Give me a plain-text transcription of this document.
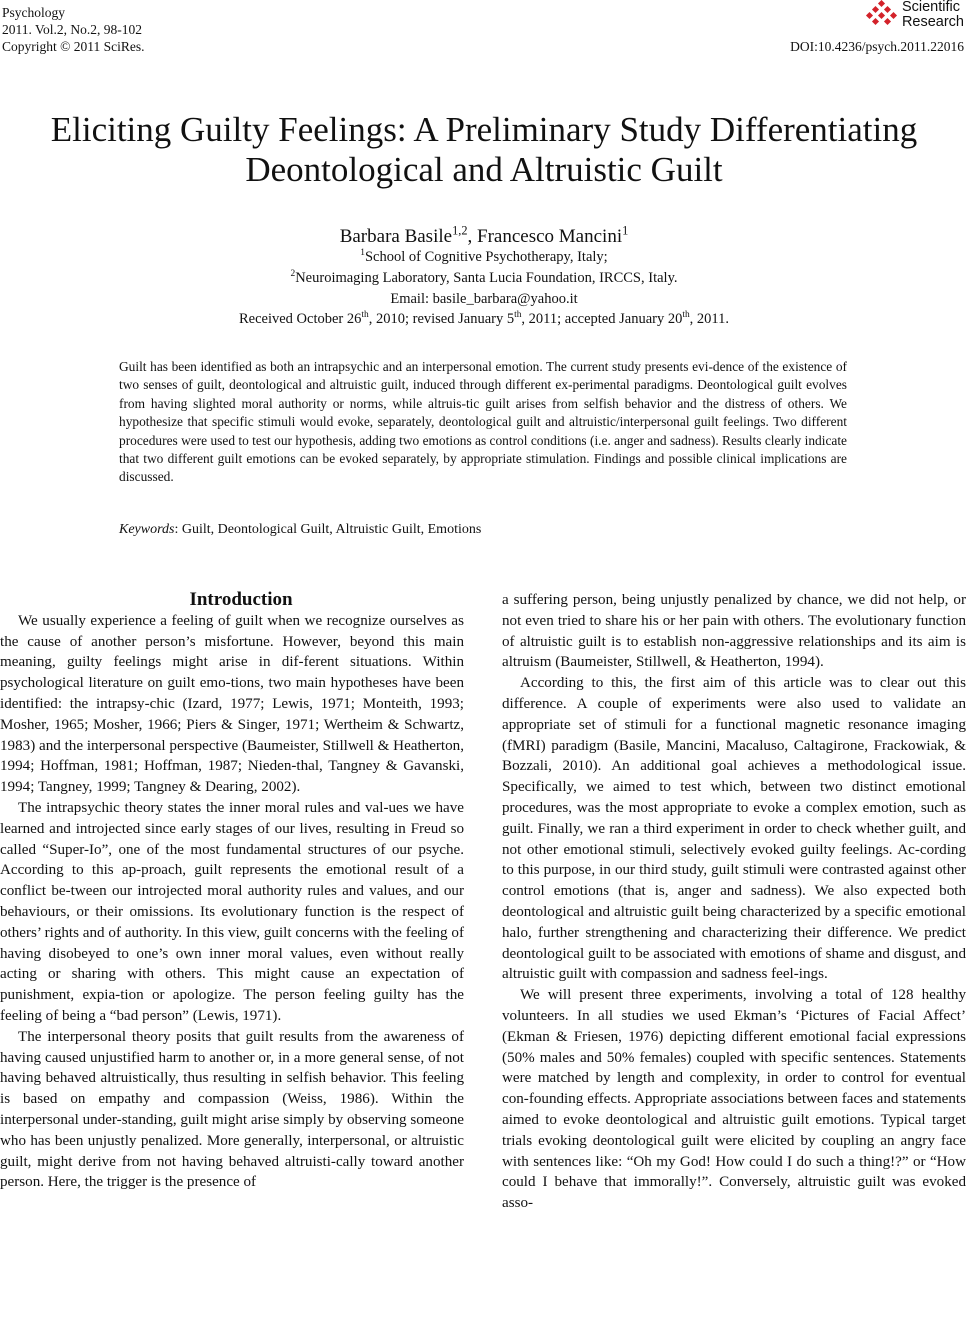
Psychology
2011. Vol.2, No.2, 98-102
Copyright © 2011 SciRes.
Scientific
Research
DOI:10.4236/psych.2011.22016
Eliciting Guilty Feelings: A Preliminary Study Differentiating
Deontological and Altruistic Guilt
Barbara Basile$^{1,2}$, Francesco Mancini$^1$
$^1$School of Cognitive Psychotherapy, Italy;
$^2$Neuroimaging Laboratory, Santa Lucia Foundation, IRCCS, Italy.
Email: basile_barbara@yahoo.it
Received October 26th, 2010; revised January 5th, 2011; accepted January 20th, 2011.
Guilt has been identified as both an intrapsychic and an interpersonal emotion. The current study presents evi-dence of the existence of two senses of guilt, deontological and altruistic guilt, induced through different ex-perimental paradigms. Deontological guilt evolves from having slighted moral authority or norms, while altruis-tic guilt arises from selfish behavior and the distress of others. We hypothesize that specific stimuli would evoke, separately, deontological guilt and altruistic/interpersonal guilt feelings. Two different procedures were used to test our hypothesis, adding two emotions as control conditions (i.e. anger and sadness). Results clearly indicate that two different guilt emotions can be evoked separately, by appropriate stimulation. Findings and possible clinical implications are discussed.
Keywords: Guilt, Deontological Guilt, Altruistic Guilt, Emotions

Introduction

We usually experience a feeling of guilt when we recognize ourselves as the cause of another person’s misfortune. However, beyond this main meaning, guilty feelings might arise in dif-ferent situations. Within psychological literature on guilt emo-tions, two main hypotheses have been identified: the intrapsy-chic (Izard, 1977; Lewis, 1971; Monteith, 1993; Mosher, 1965; Mosher, 1966; Piers & Singer, 1971; Wertheim & Schwartz, 1983) and the interpersonal perspective (Baumeister, Stillwell & Heatherton, 1994; Hoffman, 1981; Hoffman, 1987; Nieden-thal, Tangney & Gavanski, 1994; Tangney, 1999; Tangney & Dearing, 2002).

The intrapsychic theory states the inner moral rules and val-ues we have learned and introjected since early stages of our lives, resulting in Freud so called “Super-Io”, one of the most fundamental structures of our psyche. According to this ap-proach, guilt represents the emotional result of a conflict be-tween our introjected moral authority rules and values, and our behaviours, or their omissions. Its evolutionary function is the respect of others’ rights and of authority. In this view, guilt concerns with the feeling of having disobeyed to one’s own inner moral values, even without really acting or sharing with others. This might cause an expectation of punishment, expia-tion or apologize. The person feeling guilty has the feeling of being a “bad person” (Lewis, 1971).

The interpersonal theory posits that guilt results from the awareness of having caused unjustified harm to another or, in a more general sense, of not having behaved altruistically, thus resulting in selfish behavior. This feeling is based on empathy and compassion (Weiss, 1986). Within the interpersonal under-standing, guilt might arise simply by observing someone who has been unjustly penalized. More generally, interpersonal, or altruistic guilt, might derive from not having behaved altruisti-cally toward another person. Here, the trigger is the presence of

a suffering person, being unjustly penalized by chance, we did not help, or not even tried to share his or her pain with others. The evolutionary function of altruistic guilt is to establish non-aggressive relationships and its aim is altruism (Baumeister, Stillwell, & Heatherton, 1994).

According to this, the first aim of this article was to clear out this difference. A couple of experiments were also used to validate an appropriate set of stimuli for a functional magnetic resonance imaging (fMRI) paradigm (Basile, Mancini, Macaluso, Caltagirone, Frackowiak, & Bozzali, 2010). An additional goal achieves a methodological issue. Specifically, we aimed to test which, between two distinct emotional procedures, was the most appropriate to evoke a complex emotion, such as guilt. Finally, we ran a third experiment in order to check whether guilt, and not other emotional stimuli, selectively evoked guilty feelings. Ac-cording to this purpose, in our third study, guilt stimuli were contrasted against other control emotions (that is, anger and sadness). We also expected both deontological and altruistic guilt being characterized by a specific emotional halo, further strengthening and characterizing their difference. We predict deontological guilt to be associated with emotions of shame and disgust, and altruistic guilt with compassion and sadness feel-ings.

We will present three experiments, involving a total of 128 healthy volunteers. In all studies we used Ekman’s ‘Pictures of Facial Affect’ (Ekman & Friesen, 1976) depicting different emotional facial expressions (50% males and 50% females) coupled with specific sentences. Statements were matched by length and complexity, in order to control for eventual con-founding effects. Appropriate associations between faces and statements aimed to evoke deontological and altruistic guilt emotions. Typical target trials evoking deontological guilt were elicited by coupling an angry face with sentences like: “Oh my God! How could I do such a thing!?” or “How could I behave that immorally!”. Conversely, altruistic guilt was evoked asso-
